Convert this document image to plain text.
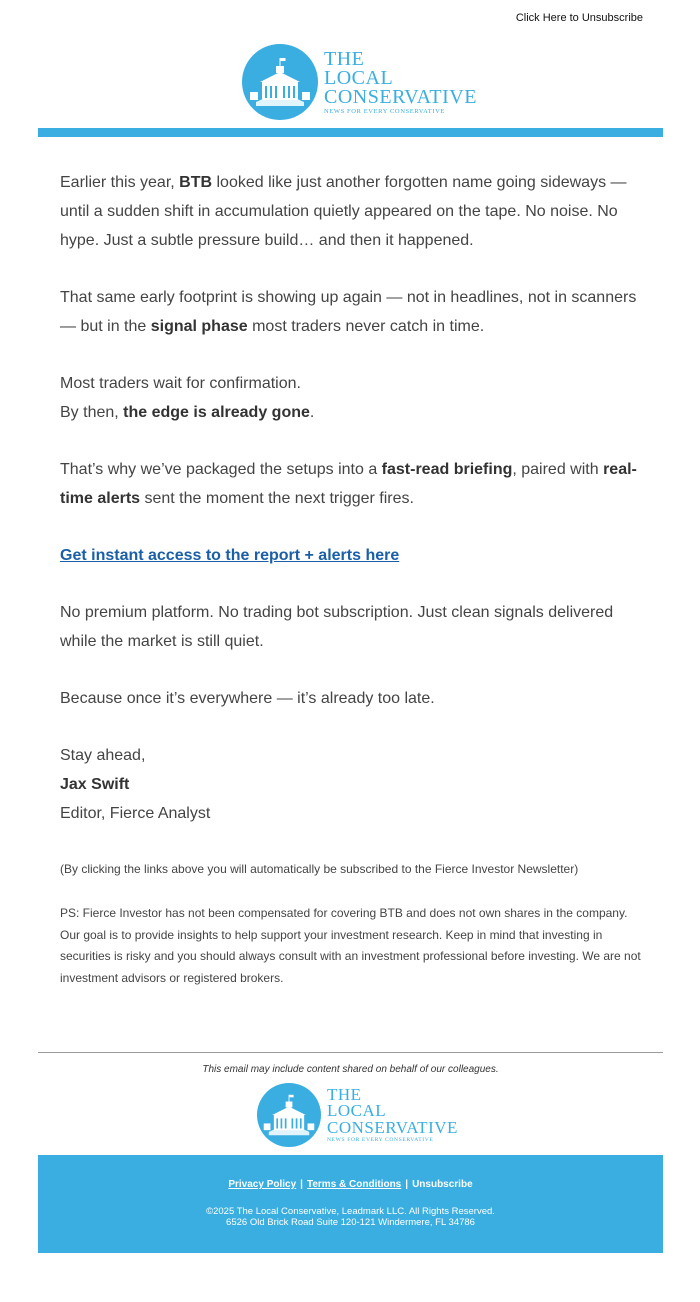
Click Here to Unsubscribe
THE
LOCAL
CONSERVATIVE
NEWS FOR EVERY CONSERVATIVE

Earlier this year, BTB looked like just another forgotten name going sideways — until a sudden shift in accumulation quietly appeared on the tape. No noise. No hype. Just a subtle pressure build… and then it happened.

That same early footprint is showing up again — not in headlines, not in scanners — but in the signal phase most traders never catch in time.

Most traders wait for confirmation.
By then, the edge is already gone.

That’s why we’ve packaged the setups into a fast-read briefing, paired with real-time alerts sent the moment the next trigger fires.

Get instant access to the report + alerts here

No premium platform. No trading bot subscription. Just clean signals delivered while the market is still quiet.

Because once it’s everywhere — it’s already too late.

Stay ahead,
Jax Swift
Editor, Fierce Analyst

(By clicking the links above you will automatically be subscribed to the Fierce Investor Newsletter)
PS: Fierce Investor has not been compensated for covering BTB and does not own shares in the company. Our goal is to provide insights to help support your investment research. Keep in mind that investing in securities is risky and you should always consult with an investment professional before investing. We are not investment advisors or registered brokers.
This email may include content shared on behalf of our colleagues.
THE
LOCAL
CONSERVATIVE
NEWS FOR EVERY CONSERVATIVE
Privacy Policy | Terms & Conditions | Unsubscribe
©2025 The Local Conservative, Leadmark LLC. All Rights Reserved.
6526 Old Brick Road Suite 120-121 Windermere, FL 34786
